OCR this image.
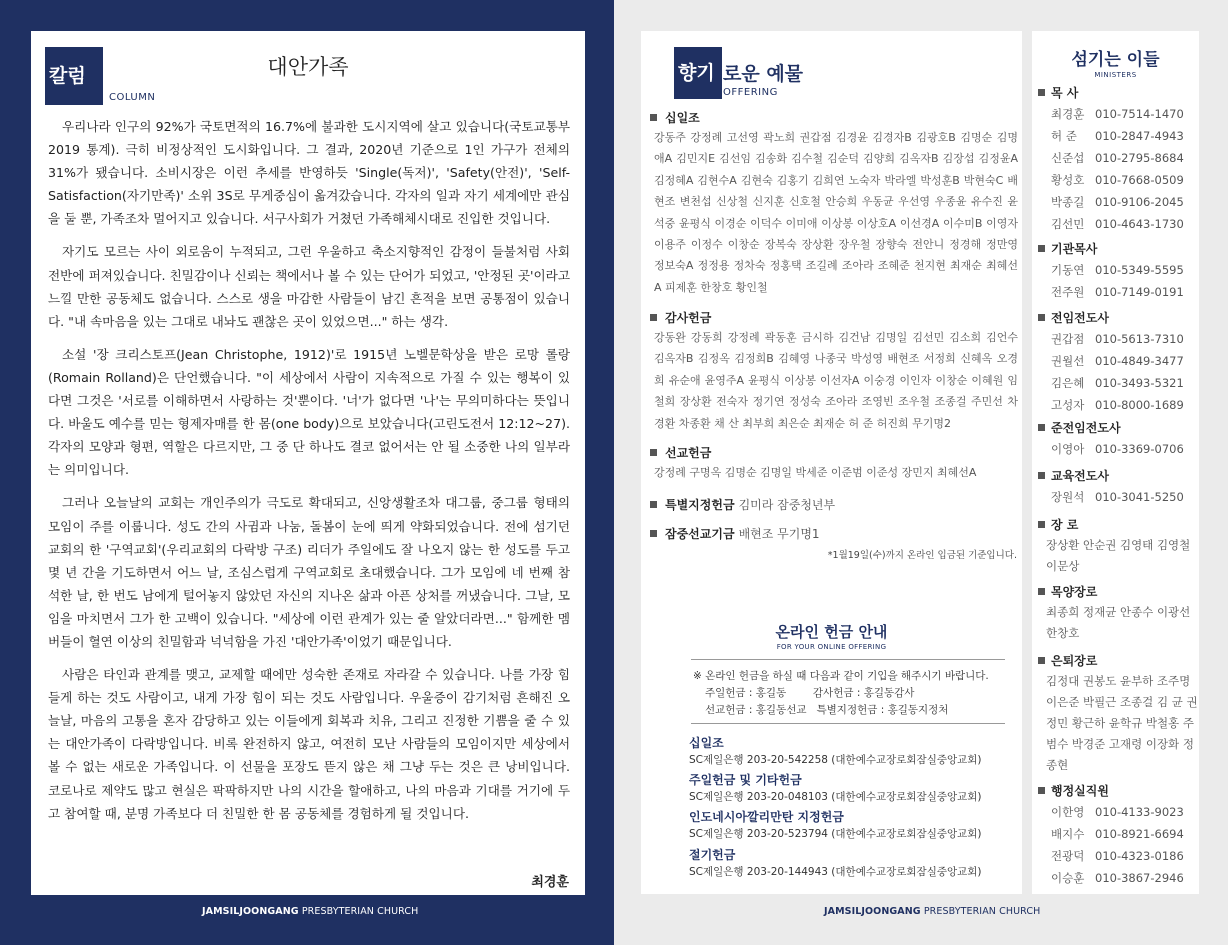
칼럼
COLUMN
대안가족

우리나라 인구의 92%가 국토면적의 16.7%에 불과한 도시지역에 살고 있습니다(국토교통부 2019 통계). 극히 비정상적인 도시화입니다. 그 결과, 2020년 기준으로 1인 가구가 전체의 31%가 됐습니다. 소비시장은 이런 추세를 반영하듯 'Single(독저)', 'Safety(안전)', 'Self-Satisfaction(자기만족)' 소위 3S로 무게중심이 옮겨갔습니다. 각자의 일과 자기 세계에만 관심을 둘 뿐, 가족조차 멀어지고 있습니다. 서구사회가 거쳤던 가족해체시대로 진입한 것입니다.

자기도 모르는 사이 외로움이 누적되고, 그런 우울하고 축소지향적인 감정이 들불처럼 사회 전반에 퍼져있습니다. 친밀감이나 신뢰는 책에서나 볼 수 있는 단어가 되었고, '안정된 곳'이라고 느낄 만한 공동체도 없습니다. 스스로 생을 마감한 사람들이 남긴 흔적을 보면 공통점이 있습니다. "내 속마음을 있는 그대로 내놔도 괜찮은 곳이 있었으면..." 하는 생각.

소설 '장 크리스토프(Jean Christophe, 1912)'로 1915년 노벨문학상을 받은 로망 롤랑(Romain Rolland)은 단언했습니다. "이 세상에서 사람이 지속적으로 가질 수 있는 행복이 있다면 그것은 '서로를 이해하면서 사랑하는 것'뿐이다. '너'가 없다면 '나'는 무의미하다는 뜻입니다. 바울도 예수를 믿는 형제자매를 한 몸(one body)으로 보았습니다(고린도전서 12:12~27). 각자의 모양과 형편, 역할은 다르지만, 그 중 단 하나도 결코 없어서는 안 될 소중한 나의 일부라는 의미입니다.

그러나 오늘날의 교회는 개인주의가 극도로 확대되고, 신앙생활조차 대그룹, 중그룹 형태의 모임이 주를 이룹니다. 성도 간의 사귐과 나눔, 돌봄이 눈에 띄게 약화되었습니다. 전에 섬기던 교회의 한 '구역교회'(우리교회의 다락방 구조) 리더가 주일에도 잘 나오지 않는 한 성도를 두고 몇 년 간을 기도하면서 어느 날, 조심스럽게 구역교회로 초대했습니다. 그가 모임에 네 번째 참석한 날, 한 번도 남에게 털어놓지 않았던 자신의 지나온 삶과 아픈 상처를 꺼냈습니다. 그날, 모임을 마치면서 그가 한 고백이 있습니다. "세상에 이런 관계가 있는 줄 알았더라면..." 함께한 멤버들이 혈연 이상의 친밀함과 넉넉함을 가진 '대안가족'이었기 때문입니다.

사람은 타인과 관계를 맺고, 교제할 때에만 성숙한 존재로 자라갈 수 있습니다. 나를 가장 힘들게 하는 것도 사람이고, 내게 가장 힘이 되는 것도 사람입니다. 우울증이 감기처럼 흔해진 오늘날, 마음의 고통을 혼자 감당하고 있는 이들에게 회복과 치유, 그리고 진정한 기쁨을 줄 수 있는 대안가족이 다락방입니다. 비록 완전하지 않고, 여전히 모난 사람들의 모임이지만 세상에서 볼 수 없는 새로운 가족입니다. 이 선물을 포장도 뜯지 않은 채 그냥 두는 것은 큰 낭비입니다. 코로나로 제약도 많고 현실은 팍팍하지만 나의 시간을 할애하고, 나의 마음과 기대를 거기에 두고 참여할 때, 분명 가족보다 더 친밀한 한 몸 공동체를 경험하게 될 것입니다.

최경훈
JAMSILJOONGANG PRESBYTERIAN CHURCH	JAMSILJOONGANG PRESBYTERIAN CHURCH
향기 로운 예물
OFFERING
십일조
강동주 강정례 고선영 곽노희 권갑점 김경윤 김경자B 김광호B 김명순 김명애A 김민지E 김선임 김송화 김수철 김순덕 김양희 김옥자B 김장섭 김정윤A 김정혜A 김현수A 김현숙 김홍기 김희연 노숙자 박라엘 박성훈B 박현숙C 배현조 변천섭 신상철 신지훈 신호철 안승희 우동균 우선영 우종윤 유수진 윤석중 윤평식 이경순 이덕수 이미애 이상봉 이상호A 이선경A 이수미B 이영자 이용주 이정수 이창순 장복숙 장상환 장우철 장향숙 전안니 정경해 정만영 정보숙A 정정용 정차숙 정홍택 조길례 조아라 조혜준 천지현 최재순 최혜선A 피제훈 한창호 황인철
감사헌금
강동완 강동희 강정례 곽동훈 금시하 김건남 김명일 김선민 김소희 김언수 김옥자B 김정옥 김정희B 김혜영 나종국 박성영 배현조 서정희 신혜옥 오경희 유순애 윤영주A 윤평식 이상봉 이선자A 이숭경 이인자 이창순 이혜원 임철희 장상환 전숙자 정기연 정성숙 조아라 조영빈 조우철 조종걸 주민선 차경환 차종환 채 산 최부희 최은순 최재순 허 준 허진희 무기명2
선교헌금
강정례 구명옥 김명순 김명일 박세준 이준범 이준성 장민지 최혜선A
특별지정헌금 김미라 잠중청년부
잠중선교기금 배현조 무기명1
*1월19일(수)까지 온라인 입금된 기준입니다.
온라인 헌금 안내
FOR YOUR ONLINE OFFERING
※ 온라인 헌금을 하실 때 다음과 같이 기입을 해주시기 바랍니다.
주일헌금 : 홍길동        감사헌금 : 홍길동감사
선교헌금 : 홍길동선교   특별지정헌금 : 홍길동지정처
십일조
SC제일은행 203-20-542258 (대한예수교장로회잠실중앙교회)
주일헌금 및 기타헌금
SC제일은행 203-20-048103 (대한예수교장로회잠실중앙교회)
인도네시아깔리만탄 지정헌금
SC제일은행 203-20-523794 (대한예수교장로회잠실중앙교회)
절기헌금
SC제일은행 203-20-144943 (대한예수교장로회잠실중앙교회)
섬기는 이들
MINISTERS
목 사
최경훈 010-7514-1470
허 준 010-2847-4943
신준섭 010-2795-8684
황성호 010-7668-0509
박종길 010-9106-2045
김선민 010-4643-1730
기관목사
기동연 010-5349-5595
전주원 010-7149-0191
전임전도사
권갑점 010-5613-7310
권월선 010-4849-3477
김은혜 010-3493-5321
고성자 010-8000-1689
준전임전도사
이영아 010-3369-0706
교육전도사
장원석 010-3041-5250
장 로
장상환 안순권 김영태 김영철 이문상
목양장로
최종희 정재균 안종수 이광선 한창호
은퇴장로
김정대 권봉도 윤부하 조주명 이은준 박필근 조종걸 김 균 권정민 황근하 윤학규 박철홍 주범수 박경준 고재령 이장화 정종현
행정실직원
이한영 010-4133-9023
배지수 010-8921-6694
전광덕 010-4323-0186
이승훈 010-3867-2946
